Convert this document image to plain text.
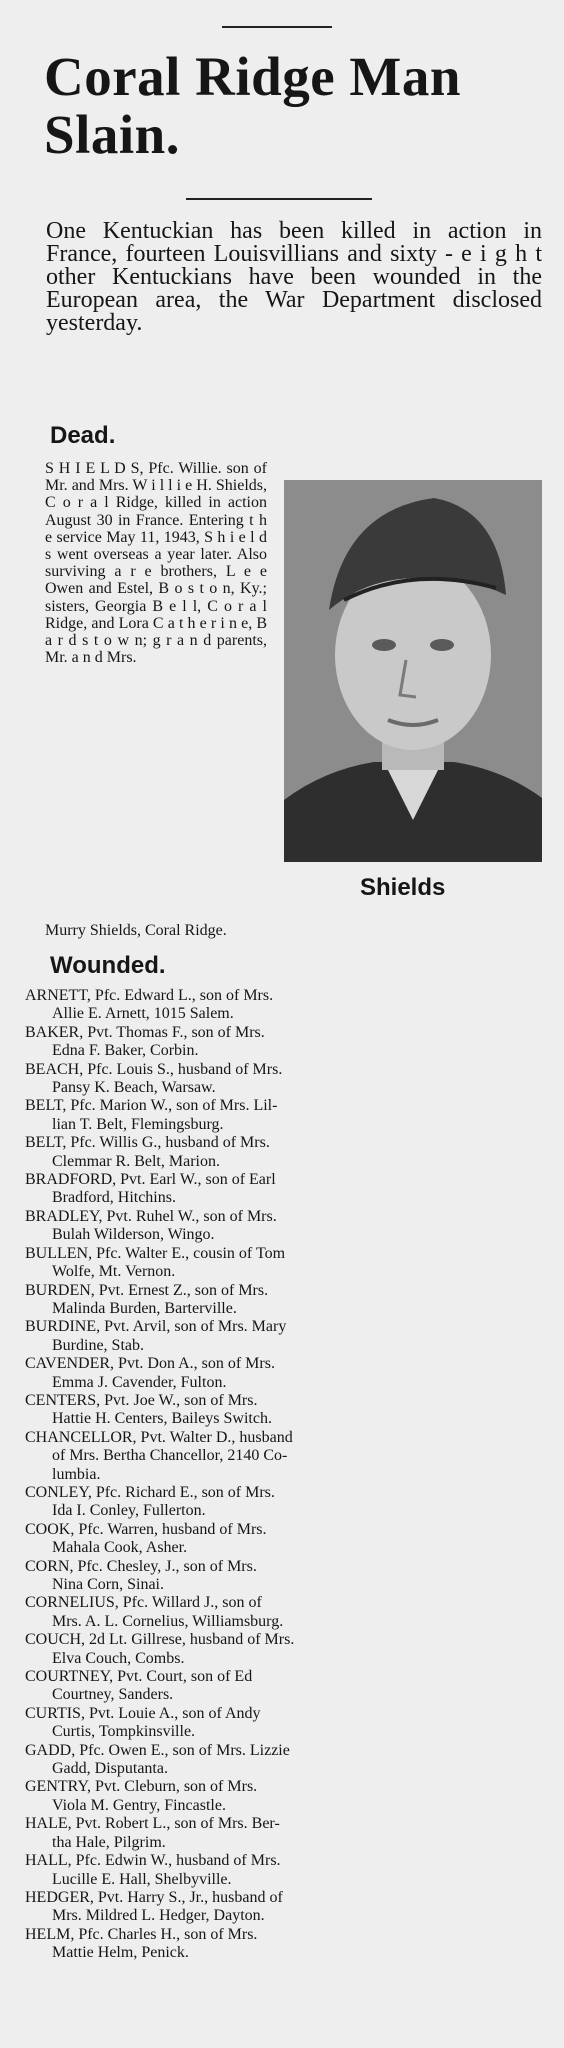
Coral Ridge Man Slain.
One Kentuckian has been killed in action in France, fourteen Louisvillians and sixty - e i g h t other Kentuckians have been wounded in the European area, the War Department disclosed yesterday.
Dead.
S H I E L D S, Pfc. Willie. son of Mr. and Mrs. W i l l i e H. Shields, C o r a l Ridge, killed in action August 30 in France. Entering t h e service May 11, 1943, S h i e l d s went overseas a year later. Also surviving a r e brothers, L e e Owen and Estel, B o s t o n, Ky.; sisters, Georgia B e l l, C o r a l Ridge, and Lora C a t h e r i n e, B a r d s t o w n; g r a n d parents, Mr. a n d Mrs.
Shields
Murry Shields, Coral Ridge.
Wounded.
ARNETT, Pfc. Edward L., son of Mrs.

Allie E. Arnett, 1015 Salem.
BAKER, Pvt. Thomas F., son of Mrs.

Edna F. Baker, Corbin.
BEACH, Pfc. Louis S., husband of Mrs.

Pansy K. Beach, Warsaw.
BELT, Pfc. Marion W., son of Mrs. Lil-

lian T. Belt, Flemingsburg.
BELT, Pfc. Willis G., husband of Mrs.

Clemmar R. Belt, Marion.
BRADFORD, Pvt. Earl W., son of Earl

Bradford, Hitchins.
BRADLEY, Pvt. Ruhel W., son of Mrs.

Bulah Wilderson, Wingo.
BULLEN, Pfc. Walter E., cousin of Tom

Wolfe, Mt. Vernon.
BURDEN, Pvt. Ernest Z., son of Mrs.

Malinda Burden, Barterville.
BURDINE, Pvt. Arvil, son of Mrs. Mary

Burdine, Stab.
CAVENDER, Pvt. Don A., son of Mrs.

Emma J. Cavender, Fulton.
CENTERS, Pvt. Joe W., son of Mrs.

Hattie H. Centers, Baileys Switch.
CHANCELLOR, Pvt. Walter D., husband

of Mrs. Bertha Chancellor, 2140 Co-
lumbia.
CONLEY, Pfc. Richard E., son of Mrs.

Ida I. Conley, Fullerton.
COOK, Pfc. Warren, husband of Mrs.

Mahala Cook, Asher.
CORN, Pfc. Chesley, J., son of Mrs.

Nina Corn, Sinai.
CORNELIUS, Pfc. Willard J., son of

Mrs. A. L. Cornelius, Williamsburg.
COUCH, 2d Lt. Gillrese, husband of Mrs.

Elva Couch, Combs.
COURTNEY, Pvt. Court, son of Ed

Courtney, Sanders.
CURTIS, Pvt. Louie A., son of Andy

Curtis, Tompkinsville.
GADD, Pfc. Owen E., son of Mrs. Lizzie

Gadd, Disputanta.
GENTRY, Pvt. Cleburn, son of Mrs.

Viola M. Gentry, Fincastle.
HALE, Pvt. Robert L., son of Mrs. Ber-

tha Hale, Pilgrim.
HALL, Pfc. Edwin W., husband of Mrs.

Lucille E. Hall, Shelbyville.
HEDGER, Pvt. Harry S., Jr., husband of

Mrs. Mildred L. Hedger, Dayton.
HELM, Pfc. Charles H., son of Mrs.

Mattie Helm, Penick.
